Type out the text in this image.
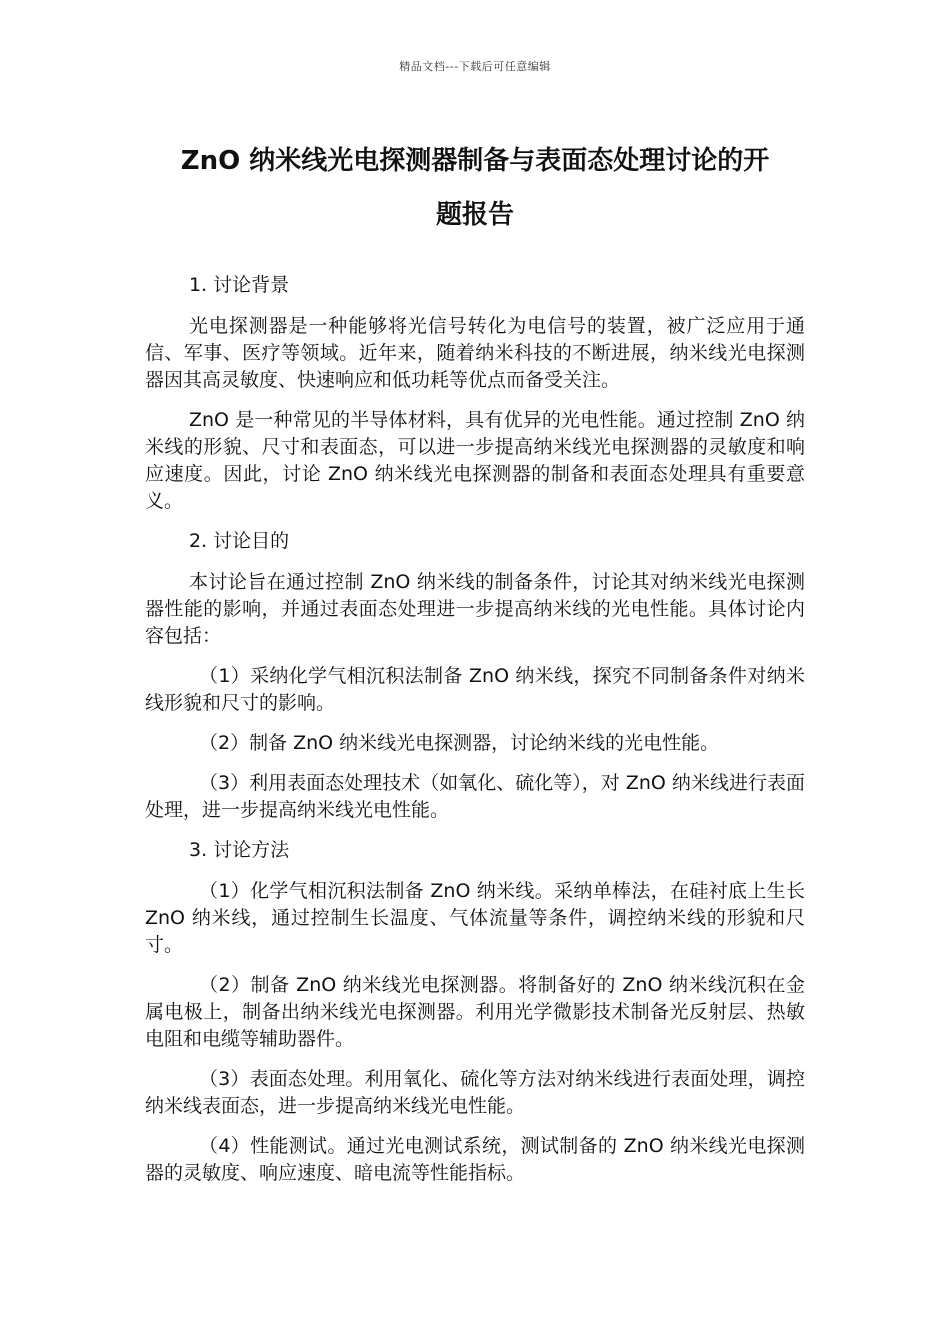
精品文档---下载后可任意编辑
ZnO 纳米线光电探测器制备与表面态处理讨论的开
题报告
1. 讨论背景

光电探测器是一种能够将光信号转化为电信号的装置，被广泛应用于通信、军事、医疗等领域。近年来，随着纳米科技的不断进展，纳米线光电探测器因其高灵敏度、快速响应和低功耗等优点而备受关注。

ZnO 是一种常见的半导体材料，具有优异的光电性能。通过控制 ZnO 纳米线的形貌、尺寸和表面态，可以进一步提高纳米线光电探测器的灵敏度和响应速度。因此，讨论 ZnO 纳米线光电探测器的制备和表面态处理具有重要意义。

2. 讨论目的

本讨论旨在通过控制 ZnO 纳米线的制备条件，讨论其对纳米线光电探测器性能的影响，并通过表面态处理进一步提高纳米线的光电性能。具体讨论内容包括：

（1）采纳化学气相沉积法制备 ZnO 纳米线，探究不同制备条件对纳米线形貌和尺寸的影响。

（2）制备 ZnO 纳米线光电探测器，讨论纳米线的光电性能。

（3）利用表面态处理技术（如氧化、硫化等），对 ZnO 纳米线进行表面处理，进一步提高纳米线光电性能。

3. 讨论方法

（1）化学气相沉积法制备 ZnO 纳米线。采纳单棒法，在硅衬底上生长 ZnO 纳米线，通过控制生长温度、气体流量等条件，调控纳米线的形貌和尺寸。

（2）制备 ZnO 纳米线光电探测器。将制备好的 ZnO 纳米线沉积在金属电极上，制备出纳米线光电探测器。利用光学微影技术制备光反射层、热敏电阻和电缆等辅助器件。

（3）表面态处理。利用氧化、硫化等方法对纳米线进行表面处理，调控纳米线表面态，进一步提高纳米线光电性能。

（4）性能测试。通过光电测试系统，测试制备的 ZnO 纳米线光电探测器的灵敏度、响应速度、暗电流等性能指标。
